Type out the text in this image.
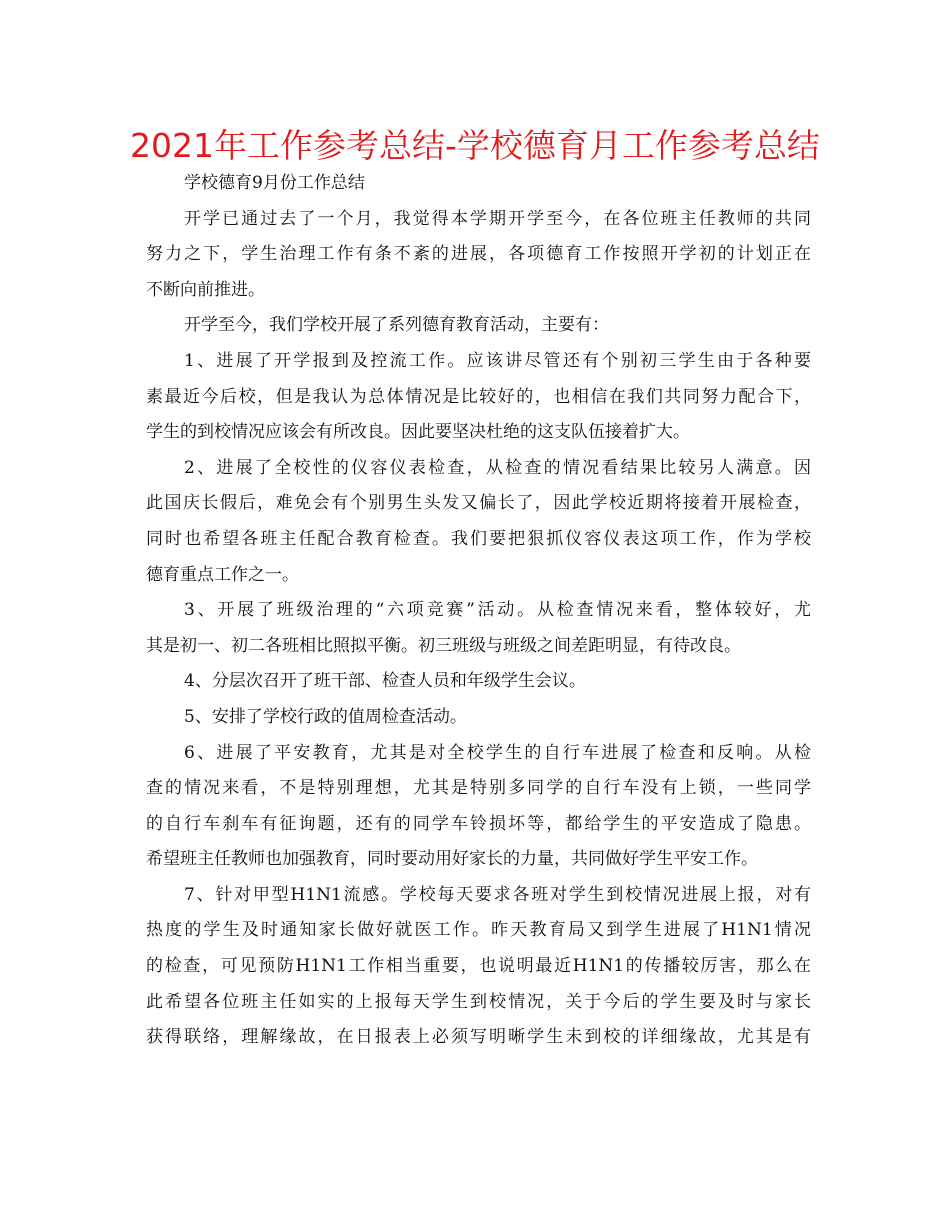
2021年工作参考总结-学校德育月工作参考总结
学校德育9月份工作总结
开学已通过去了一个月，我觉得本学期开学至今，在各位班主任教师的共同
努力之下，学生治理工作有条不紊的进展，各项德育工作按照开学初的计划正在
不断向前推进。
开学至今，我们学校开展了系列德育教育活动，主要有：
1、进展了开学报到及控流工作。应该讲尽管还有个别初三学生由于各种要
素最近今后校，但是我认为总体情况是比较好的，也相信在我们共同努力配合下，
学生的到校情况应该会有所改良。因此要坚决杜绝的这支队伍接着扩大。
2、进展了全校性的仪容仪表检查，从检查的情况看结果比较另人满意。因
此国庆长假后，难免会有个别男生头发又偏长了，因此学校近期将接着开展检查，
同时也希望各班主任配合教育检查。我们要把狠抓仪容仪表这项工作，作为学校
德育重点工作之一。
3、开展了班级治理的“六项竞赛”活动。从检查情况来看，整体较好，尤
其是初一、初二各班相比照拟平衡。初三班级与班级之间差距明显，有待改良。
4、分层次召开了班干部、检查人员和年级学生会议。
5、安排了学校行政的值周检查活动。
6、进展了平安教育，尤其是对全校学生的自行车进展了检查和反响。从检
查的情况来看，不是特别理想，尤其是特别多同学的自行车没有上锁，一些同学
的自行车刹车有征询题，还有的同学车铃损坏等，都给学生的平安造成了隐患。
希望班主任教师也加强教育，同时要动用好家长的力量，共同做好学生平安工作。
7、针对甲型H1N1流感。学校每天要求各班对学生到校情况进展上报，对有
热度的学生及时通知家长做好就医工作。昨天教育局又到学生进展了H1N1情况
的检查，可见预防H1N1工作相当重要，也说明最近H1N1的传播较厉害，那么在
此希望各位班主任如实的上报每天学生到校情况，关于今后的学生要及时与家长
获得联络，理解缘故，在日报表上必须写明晰学生未到校的详细缘故，尤其是有
